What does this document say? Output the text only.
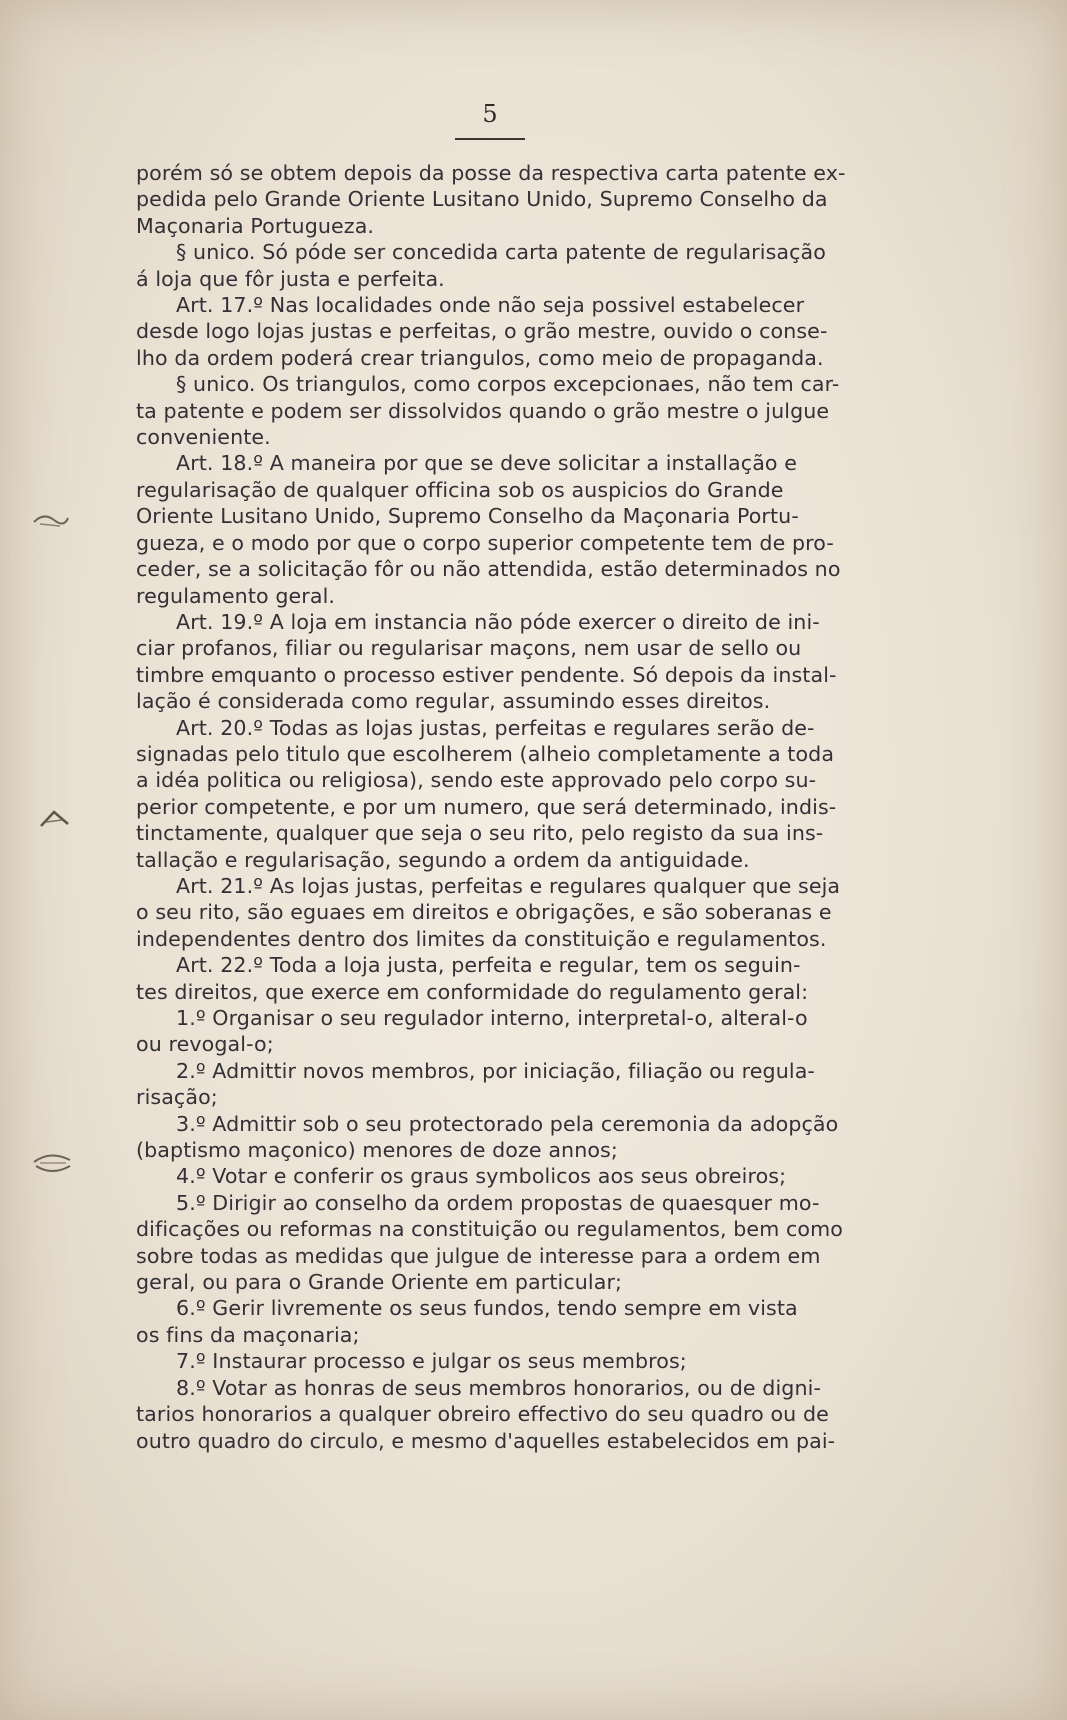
5
porém só se obtem depois da posse da respectiva carta patente ex-
pedida pelo Grande Oriente Lusitano Unido, Supremo Conselho da
Maçonaria Portugueza.
§ unico. Só póde ser concedida carta patente de regularisação
á loja que fôr justa e perfeita.
Art. 17.º Nas localidades onde não seja possivel estabelecer
desde logo lojas justas e perfeitas, o grão mestre, ouvido o conse-
lho da ordem poderá crear triangulos, como meio de propaganda.
§ unico. Os triangulos, como corpos excepcionaes, não tem car-
ta patente e podem ser dissolvidos quando o grão mestre o julgue
conveniente.
Art. 18.º A maneira por que se deve solicitar a installação e
regularisação de qualquer officina sob os auspicios do Grande
Oriente Lusitano Unido, Supremo Conselho da Maçonaria Portu-
gueza, e o modo por que o corpo superior competente tem de pro-
ceder, se a solicitação fôr ou não attendida, estão determinados no
regulamento geral.
Art. 19.º A loja em instancia não póde exercer o direito de ini-
ciar profanos, filiar ou regularisar maçons, nem usar de sello ou
timbre emquanto o processo estiver pendente. Só depois da instal-
lação é considerada como regular, assumindo esses direitos.
Art. 20.º Todas as lojas justas, perfeitas e regulares serão de-
signadas pelo titulo que escolherem (alheio completamente a toda
a idéa politica ou religiosa), sendo este approvado pelo corpo su-
perior competente, e por um numero, que será determinado, indis-
tinctamente, qualquer que seja o seu rito, pelo registo da sua ins-
tallação e regularisação, segundo a ordem da antiguidade.
Art. 21.º As lojas justas, perfeitas e regulares qualquer que seja
o seu rito, são eguaes em direitos e obrigações, e são soberanas e
independentes dentro dos limites da constituição e regulamentos.
Art. 22.º Toda a loja justa, perfeita e regular, tem os seguin-
tes direitos, que exerce em conformidade do regulamento geral:
1.º Organisar o seu regulador interno, interpretal-o, alteral-o
ou revogal-o;
2.º Admittir novos membros, por iniciação, filiação ou regula-
risação;
3.º Admittir sob o seu protectorado pela ceremonia da adopção
(baptismo maçonico) menores de doze annos;
4.º Votar e conferir os graus symbolicos aos seus obreiros;
5.º Dirigir ao conselho da ordem propostas de quaesquer mo-
dificações ou reformas na constituição ou regulamentos, bem como
sobre todas as medidas que julgue de interesse para a ordem em
geral, ou para o Grande Oriente em particular;
6.º Gerir livremente os seus fundos, tendo sempre em vista
os fins da maçonaria;
7.º Instaurar processo e julgar os seus membros;
8.º Votar as honras de seus membros honorarios, ou de digni-
tarios honorarios a qualquer obreiro effectivo do seu quadro ou de
outro quadro do circulo, e mesmo d'aquelles estabelecidos em pai-
